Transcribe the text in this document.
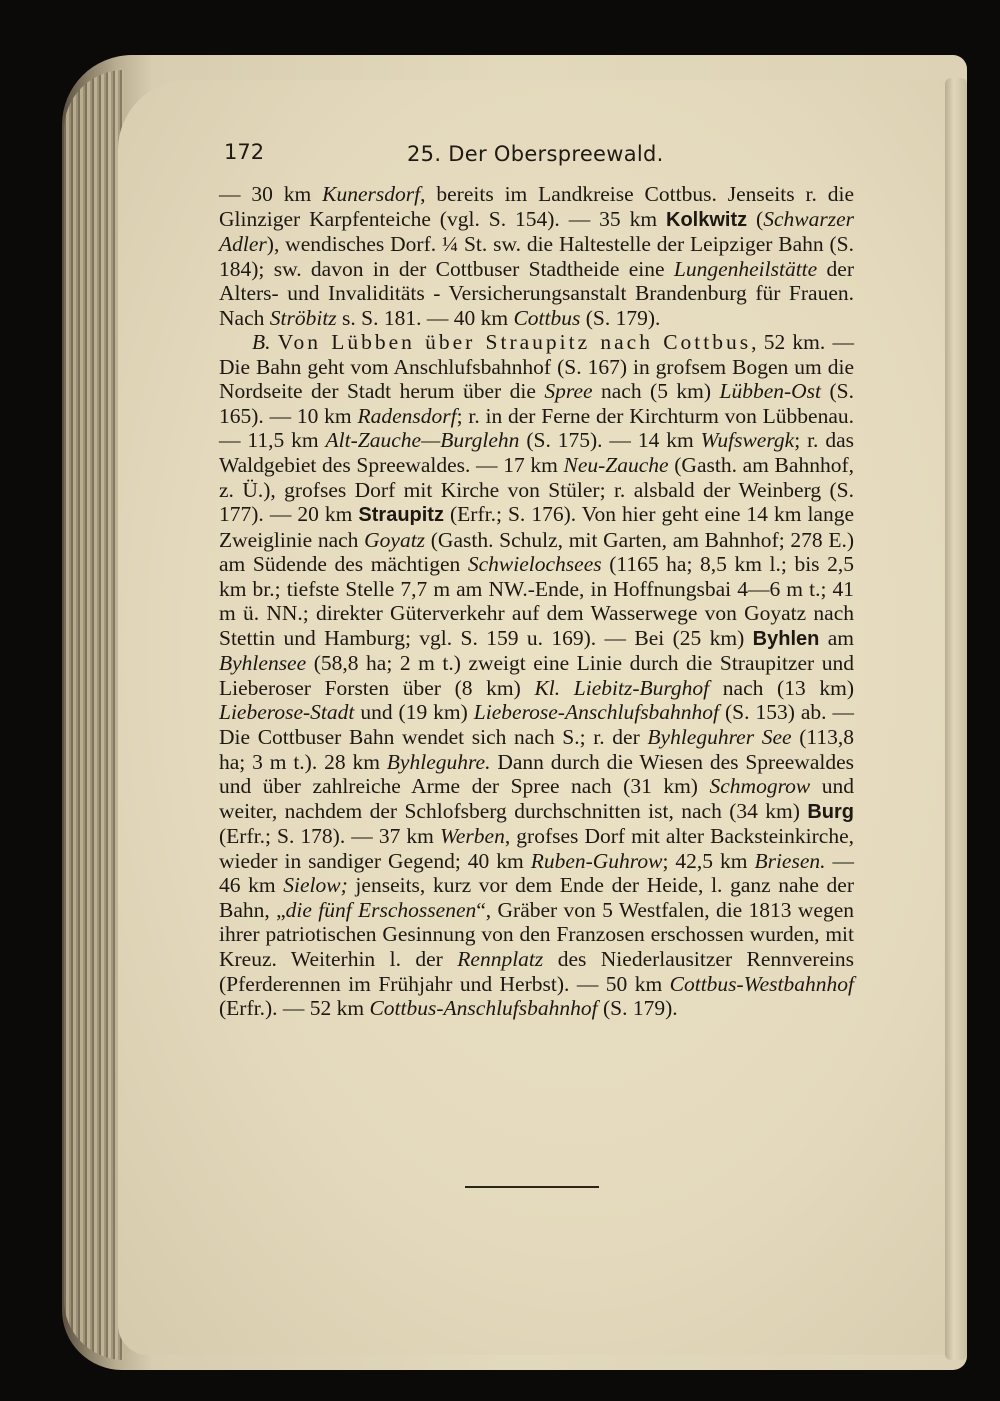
172	25. Der Oberspreewald.

— 30 km Kunersdorf, bereits im Landkreise Cottbus. Jenseits r. die Glinziger Karpfenteiche (vgl. S. 154). — 35 km Kolkwitz (Schwarzer Adler), wendisches Dorf. ¼ St. sw. die Haltestelle der Leipziger Bahn (S. 184); sw. davon in der Cottbuser Stadtheide eine Lungenheilstätte der Alters- und Invaliditäts - Versicherungsanstalt Brandenburg für Frauen. Nach Ströbitz s. S. 181. — 40 km Cottbus (S. 179).

B. Von Lübben über Straupitz nach Cottbus, 52 km. — Die Bahn geht vom Anschlufsbahnhof (S. 167) in grofsem Bogen um die Nordseite der Stadt herum über die Spree nach (5 km) Lübben-Ost (S. 165). — 10 km Radensdorf; r. in der Ferne der Kirchturm von Lübbenau. — 11,5 km Alt-Zauche—Burglehn (S. 175). — 14 km Wufswergk; r. das Waldgebiet des Spreewaldes. — 17 km Neu-Zauche (Gasth. am Bahnhof, z. Ü.), grofses Dorf mit Kirche von Stüler; r. alsbald der Weinberg (S. 177). — 20 km Straupitz (Erfr.; S. 176). Von hier geht eine 14 km lange Zweiglinie nach Goyatz (Gasth. Schulz, mit Garten, am Bahnhof; 278 E.) am Südende des mächtigen Schwielochsees (1165 ha; 8,5 km l.; bis 2,5 km br.; tiefste Stelle 7,7 m am NW.-Ende, in Hoffnungsbai 4—6 m t.; 41 m ü. NN.; direkter Güterverkehr auf dem Wasserwege von Goyatz nach Stettin und Hamburg; vgl. S. 159 u. 169). — Bei (25 km) Byhlen am Byhlensee (58,8 ha; 2 m t.) zweigt eine Linie durch die Straupitzer und Lieberoser Forsten über (8 km) Kl. Liebitz-Burghof nach (13 km) Lieberose-Stadt und (19 km) Lieberose-Anschlufsbahnhof (S. 153) ab. — Die Cottbuser Bahn wendet sich nach S.; r. der Byhleguhrer See (113,8 ha; 3 m t.). 28 km Byhleguhre. Dann durch die Wiesen des Spreewaldes und über zahlreiche Arme der Spree nach (31 km) Schmogrow und weiter, nachdem der Schlofsberg durchschnitten ist, nach (34 km) Burg (Erfr.; S. 178). — 37 km Werben, grofses Dorf mit alter Backsteinkirche, wieder in sandiger Gegend; 40 km Ruben-Guhrow; 42,5 km Briesen. — 46 km Sielow; jenseits, kurz vor dem Ende der Heide, l. ganz nahe der Bahn, „die fünf Erschossenen“, Gräber von 5 Westfalen, die 1813 wegen ihrer patriotischen Gesinnung von den Franzosen erschossen wurden, mit Kreuz. Weiterhin l. der Rennplatz des Niederlausitzer Rennvereins (Pferderennen im Frühjahr und Herbst). — 50 km Cottbus-Westbahnhof (Erfr.). — 52 km Cottbus-Anschlufsbahnhof (S. 179).
